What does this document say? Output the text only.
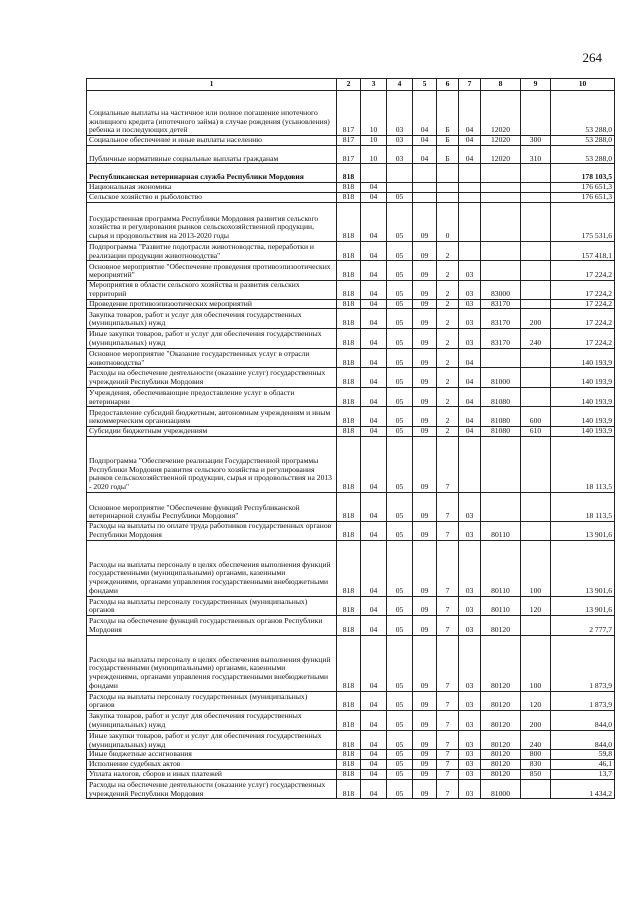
264
1	2	3	4	5	6	7	8	9	10
Социальные выплаты на частичное или полное погашение ипотечного жилищного кредита (ипотечного займа) в случае рождения (усыновления) ребенка и последующих детей	817	10	03	04	Б	04	12020		53 288,0
Социальное обеспечение и иные выплаты населению	817	10	03	04	Б	04	12020	300	53 288,0
Публичные нормативные социальные выплаты гражданам	817	10	03	04	Б	04	12020	310	53 288,0
Республиканская ветеринарная служба Республики Мордовия	818								178 103,5
Национальная экономика	818	04							176 651,3
Сельское хозяйство и рыболовство	818	04	05						176 651,3
Государственная программа Республики Мордовия развития сельского хозяйства и регулирования рынков сельскохозяйственной продукции, сырья и продовольствия на 2013-2020 годы	818	04	05	09	0				175 531,6
Подпрограмма "Развитие подотрасли животноводства, переработки и реализации продукции животноводства"	818	04	05	09	2				157 418,1
Основное мероприятие "Обеспечение проведения противоэпизоотических мероприятий"	818	04	05	09	2	03			17 224,2
Мероприятия в области сельского хозяйства и развития сельских территорий	818	04	05	09	2	03	83000		17 224,2
Проведение противоэпизоотических мероприятий	818	04	05	09	2	03	83170		17 224,2
Закупка товаров, работ и услуг для обеспечения государственных (муниципальных) нужд	818	04	05	09	2	03	83170	200	17 224,2
Иные закупки товаров, работ и услуг для обеспечения государственных (муниципальных) нужд	818	04	05	09	2	03	83170	240	17 224,2
Основное мероприятие "Оказание государственных услуг в отрасли животноводства"	818	04	05	09	2	04			140 193,9
Расходы на обеспечение деятельности (оказание услуг) государственных учреждений Республики Мордовия	818	04	05	09	2	04	81000		140 193,9
Учреждения, обеспечивающие предоставление услуг в области ветеринарии	818	04	05	09	2	04	81080		140 193,9
Предоставление субсидий бюджетным, автономным учреждениям и иным некоммерческим организациям	818	04	05	09	2	04	81080	600	140 193,9
Субсидии бюджетным учреждениям	818	04	05	09	2	04	81080	610	140 193,9
Подпрограмма "Обеспечение реализации Государственной программы Республики Мордовия развития сельского хозяйства и регулирования рынков сельскохозяйственной продукции, сырья и продовольствия на 2013 - 2020 годы"	818	04	05	09	7				18 113,5
Основное мероприятие "Обеспечение функций Республиканской ветеринарной службы Республики Мордовия"	818	04	05	09	7	03			18 113,5
Расходы на выплаты по оплате труда работников государственных органов Республики Мордовия	818	04	05	09	7	03	80110		13 901,6
Расходы на выплаты персоналу в целях обеспечения выполнения функций государственными (муниципальными) органами, казенными учреждениями, органами управления государственными внебюджетными фондами	818	04	05	09	7	03	80110	100	13 901,6
Расходы на выплаты персоналу государственных (муниципальных) органов	818	04	05	09	7	03	80110	120	13 901,6
Расходы на обеспечение функций государственных органов Республики Мордовия	818	04	05	09	7	03	80120		2 777,7
Расходы на выплаты персоналу в целях обеспечения выполнения функций государственными (муниципальными) органами, казенными учреждениями, органами управления государственными внебюджетными фондами	818	04	05	09	7	03	80120	100	1 873,9
Расходы на выплаты персоналу государственных (муниципальных) органов	818	04	05	09	7	03	80120	120	1 873,9
Закупка товаров, работ и услуг для обеспечения государственных (муниципальных) нужд	818	04	05	09	7	03	80120	200	844,0
Иные закупки товаров, работ и услуг для обеспечения государственных (муниципальных) нужд	818	04	05	09	7	03	80120	240	844,0
Иные бюджетные ассигнования	818	04	05	09	7	03	80120	800	59,8
Исполнение судебных актов	818	04	05	09	7	03	80120	830	46,1
Уплата налогов, сборов и иных платежей	818	04	05	09	7	03	80120	850	13,7
Расходы на обеспечение деятельности (оказание услуг) государственных учреждений Республики Мордовия	818	04	05	09	7	03	81000		1 434,2
